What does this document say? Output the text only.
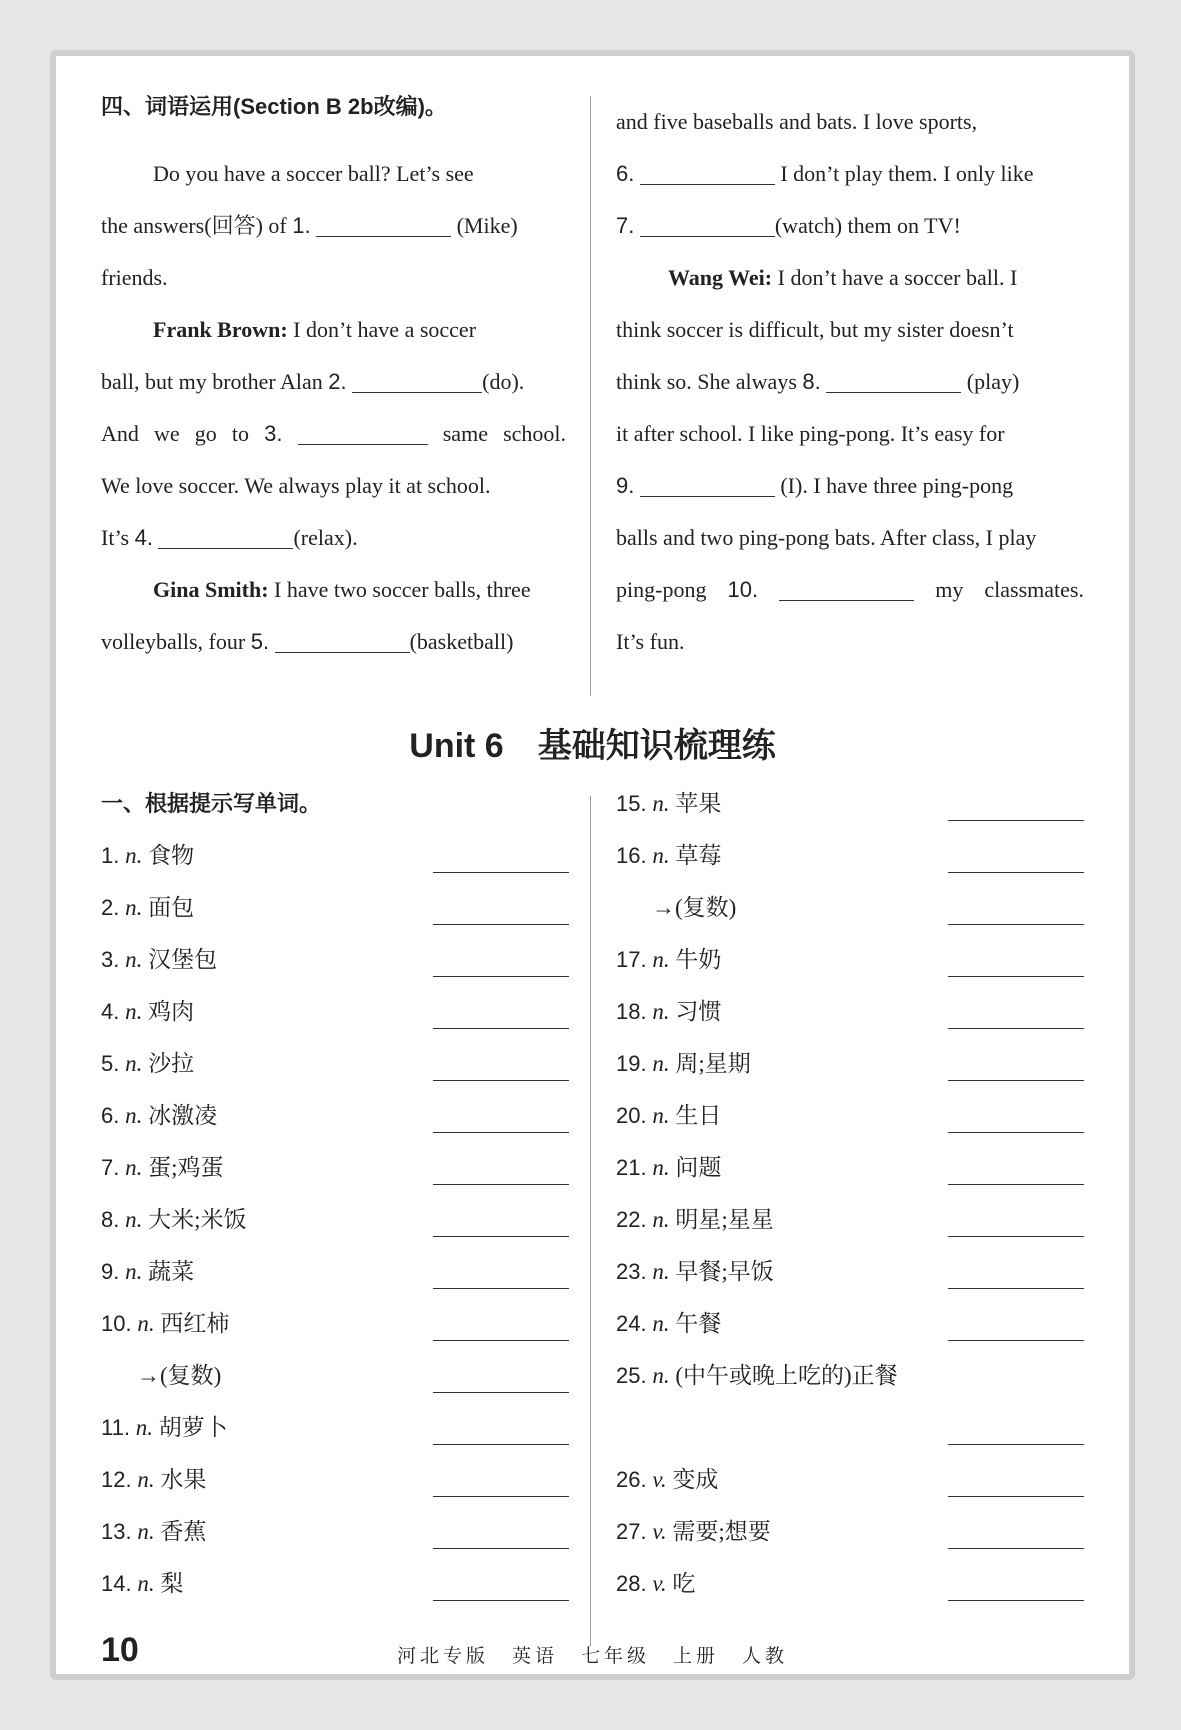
四、词语运用(Section B 2b改编)。
Do you have a soccer ball? Let’s see
the answers(回答) of 1.	(Mike)
friends.
Frank Brown: I don’t have a soccer
ball, but my brother Alan 2.	(do).
And we go to 3.	same school.
We love soccer. We always play it at school.
It’s 4.	(relax).
Gina Smith: I have two soccer balls, three
volleyballs, four 5.	(basketball)
and five baseballs and bats. I love sports,
6.	I don’t play them. I only like
7.	(watch) them on TV!
Wang Wei: I don’t have a soccer ball. I
think soccer is difficult, but my sister doesn’t
think so. She always 8.	(play)
it after school. I like ping-pong. It’s easy for
9.	(I). I have three ping-pong
balls and two ping-pong bats. After class, I play
ping-pong 10.	my classmates.
It’s fun.
Unit 6　基础知识梳理练
一、根据提示写单词。
1. n. 食物
2. n. 面包
3. n. 汉堡包
4. n. 鸡肉
5. n. 沙拉
6. n. 冰激凌
7. n. 蛋;鸡蛋
8. n. 大米;米饭
9. n. 蔬菜
10. n. 西红柿
→(复数)
11. n. 胡萝卜
12. n. 水果
13. n. 香蕉
14. n. 梨
15. n. 苹果
16. n. 草莓
→(复数)
17. n. 牛奶
18. n. 习惯
19. n. 周;星期
20. n. 生日
21. n. 问题
22. n. 明星;星星
23. n. 早餐;早饭
24. n. 午餐
25. n. (中午或晚上吃的)正餐
26. v. 变成
27. v. 需要;想要
28. v. 吃
10	河北专版　英语　七年级　上册　人教
